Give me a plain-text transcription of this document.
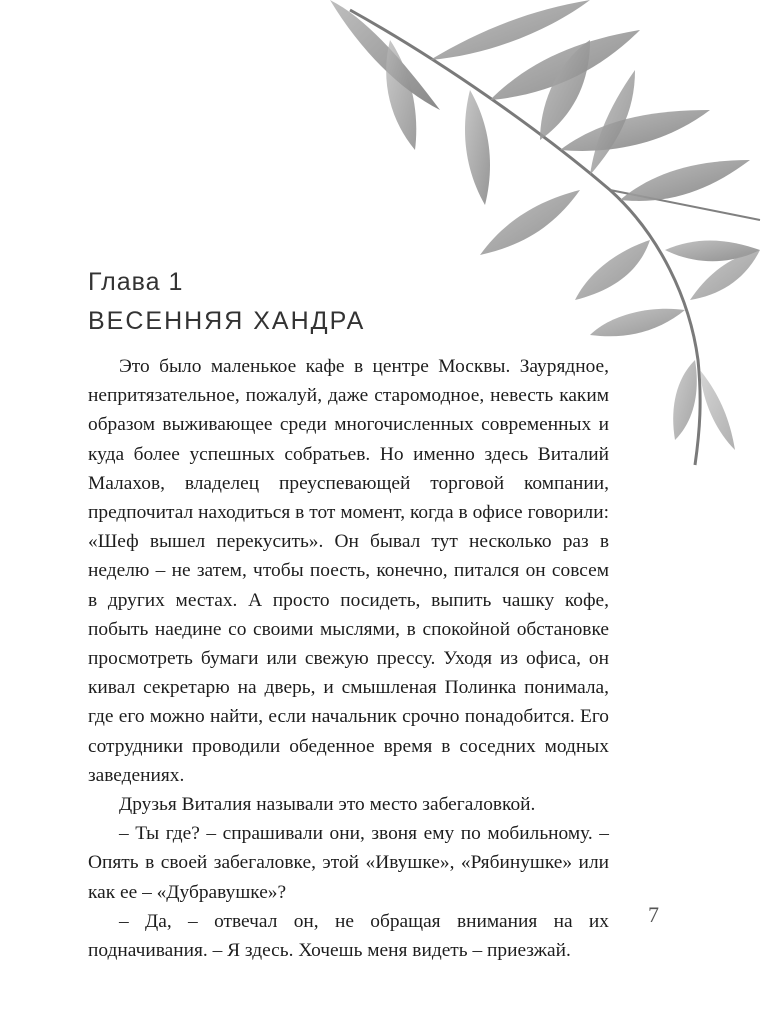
Глава 1
ВЕСЕННЯЯ ХАНДРА

Это было маленькое кафе в центре Москвы. Заурядное, непритязательное, пожалуй, даже старомодное, невесть каким образом выживающее среди многочисленных современных и куда более успешных собратьев. Но именно здесь Виталий Малахов, владелец преуспевающей торговой компании, предпочитал находиться в тот момент, когда в офисе говорили: «Шеф вышел перекусить». Он бывал тут несколько раз в неделю – не затем, чтобы поесть, конечно, питался он совсем в других местах. А просто посидеть, выпить чашку кофе, побыть наедине со своими мыслями, в спокойной обстановке просмотреть бумаги или свежую прессу. Уходя из офиса, он кивал секретарю на дверь, и смышленая Полинка понимала, где его можно найти, если начальник срочно понадобится. Его сотрудники проводили обеденное время в соседних модных заведениях.

Друзья Виталия называли это место забегаловкой.

– Ты где? – спрашивали они, звоня ему по мобильному. – Опять в своей забегаловке, этой «Ивушке», «Рябинушке» или как ее – «Дубравушке»?

– Да, – отвечал он, не обращая внимания на их подначивания. – Я здесь. Хочешь меня видеть – приезжай.

7
